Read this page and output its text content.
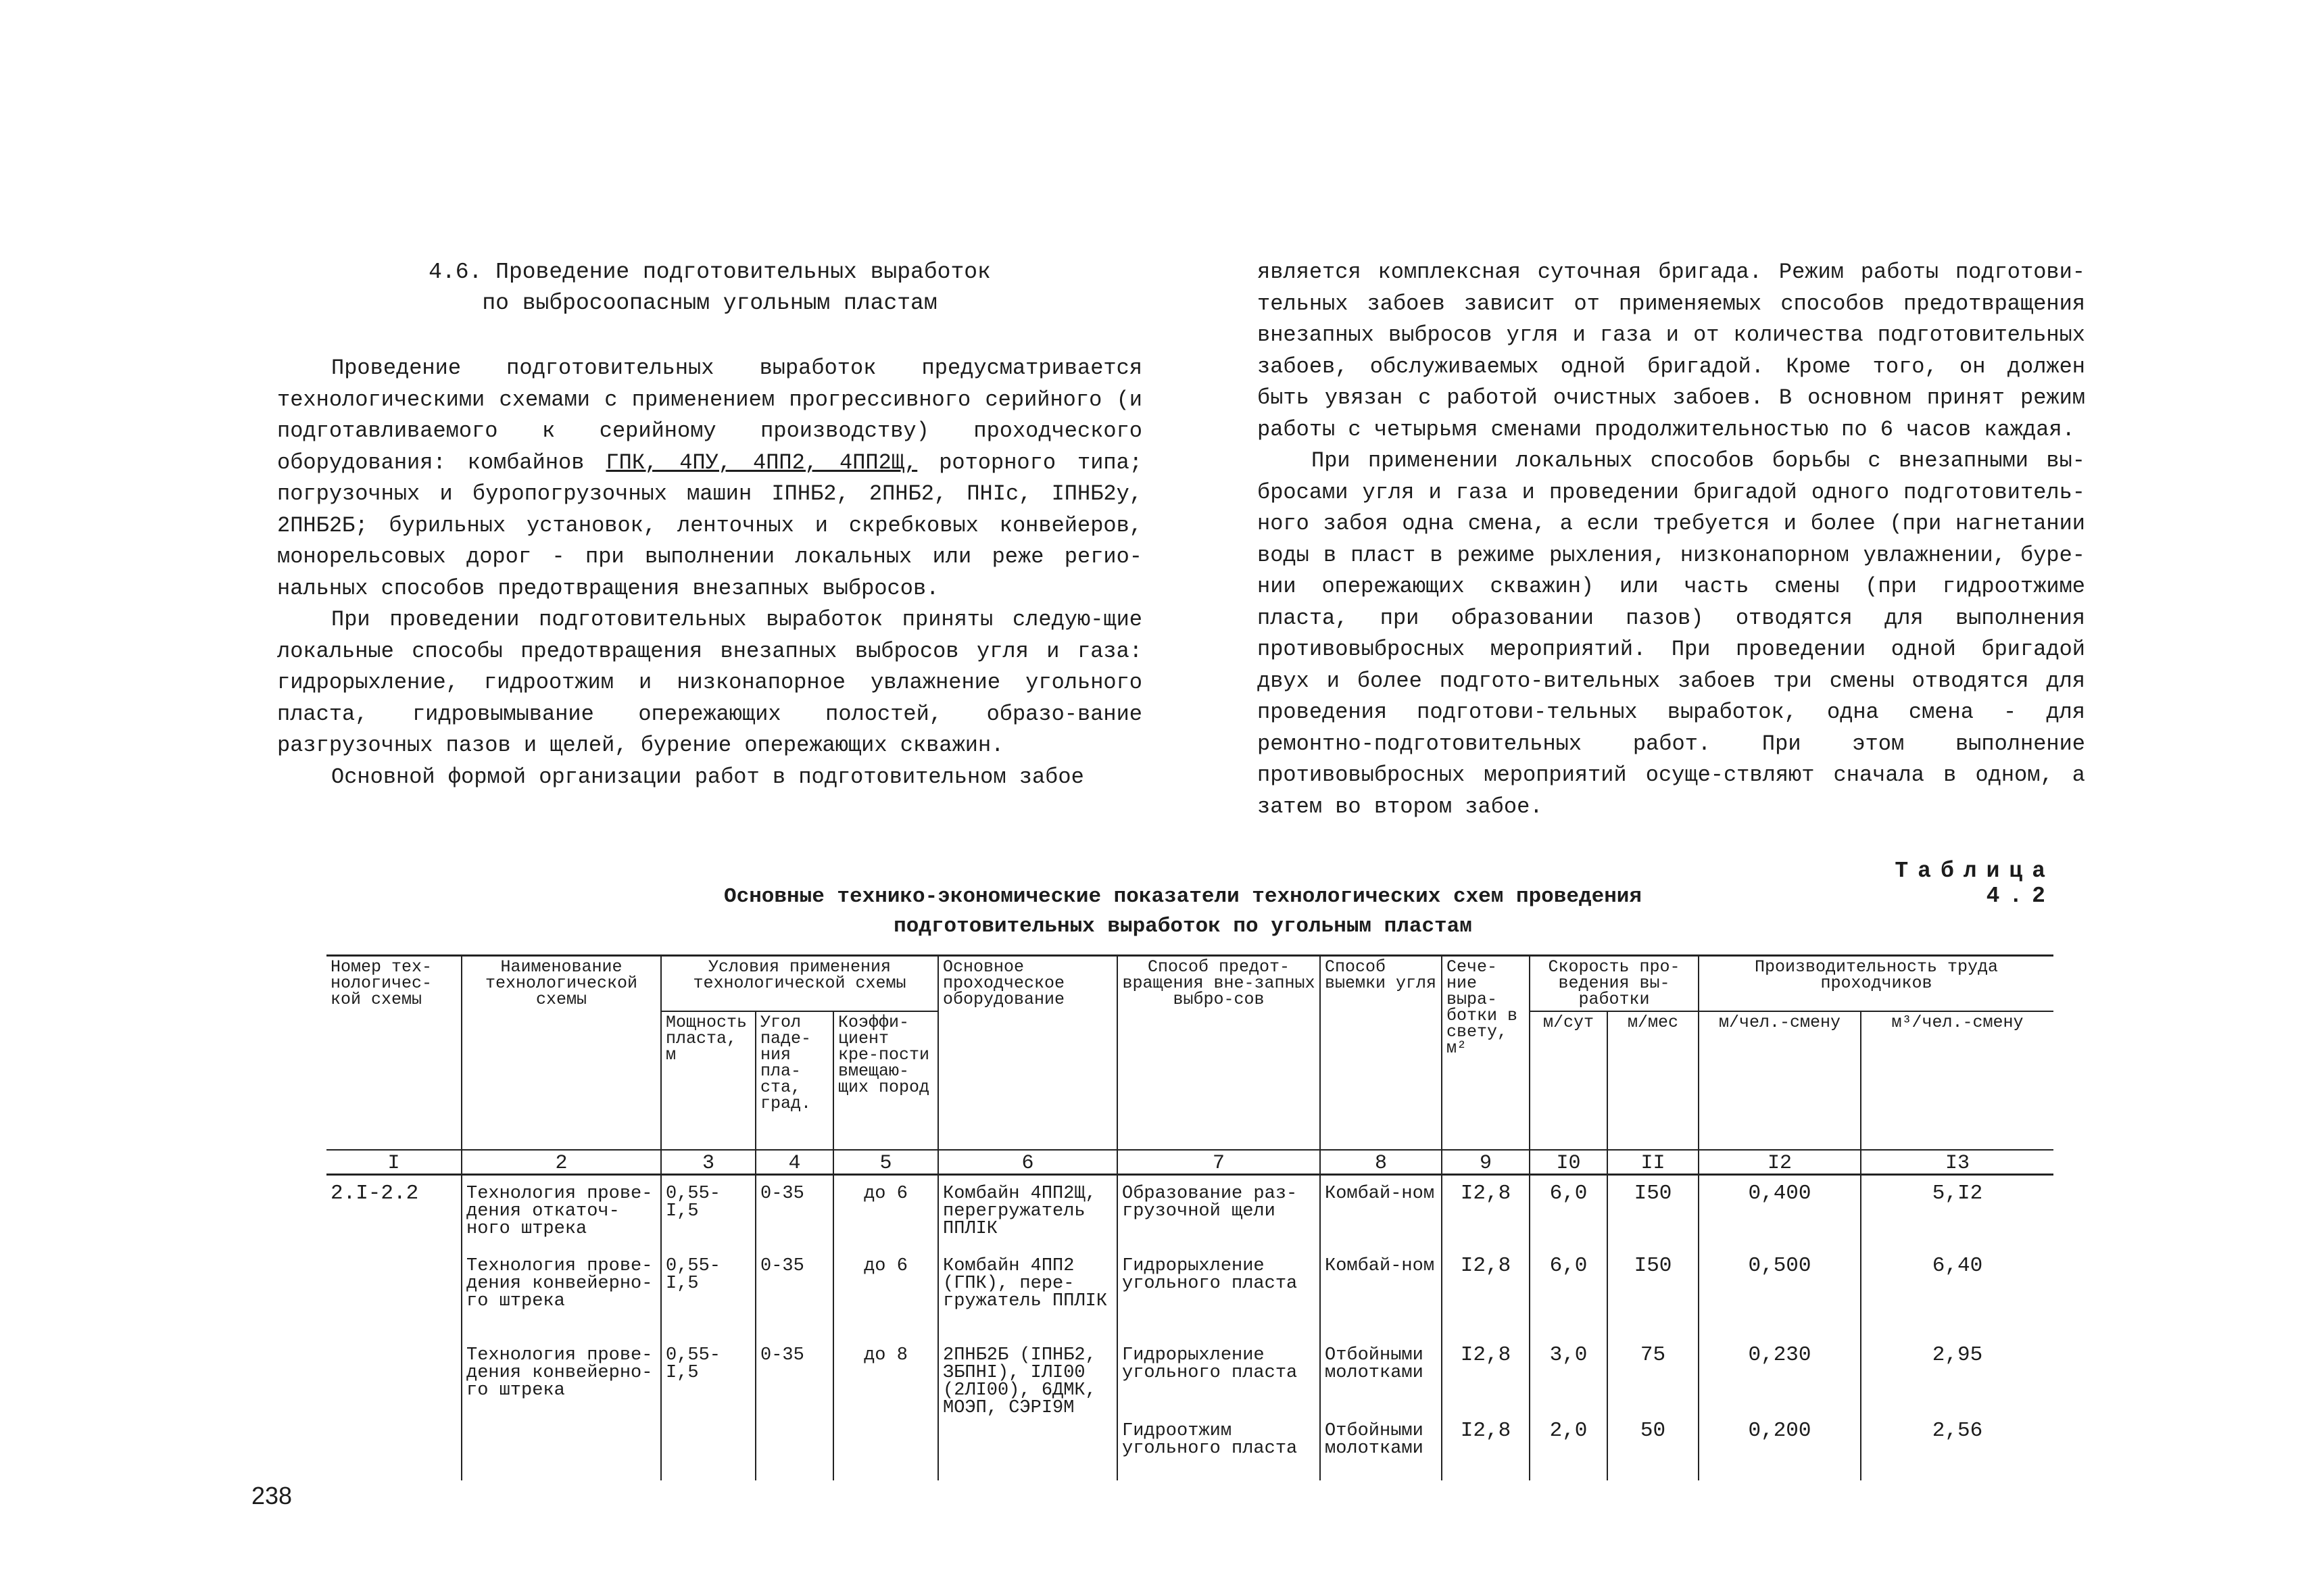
4.6. Проведение подготовительных выработок
по выбросоопасным угольным пластам

Проведение подготовительных выработок предусматривается технологическими схемами с применением прогрессивного серийного (и подготавливаемого к серийному производству) проходческого оборудования: комбайнов ГПК, 4ПУ, 4ПП2, 4ПП2Щ, роторного типа; погрузочных и буропогрузочных машин IПНБ2, 2ПНБ2, ПНIс, IПНБ2у, 2ПНБ2Б; бурильных установок, ленточных и скребковых конвейеров, монорельсовых дорог - при выполнении локальных или реже регио-нальных способов предотвращения внезапных выбросов.

При проведении подготовительных выработок приняты следую-щие локальные способы предотвращения внезапных выбросов угля и газа: гидрорыхление, гидроотжим и низконапорное увлажнение угольного пласта, гидровымывание опережающих полостей, образо-вание разгрузочных пазов и щелей, бурение опережающих скважин.

Основной формой организации работ в подготовительном забое

является комплексная суточная бригада. Режим работы подготови-тельных забоев зависит от применяемых способов предотвращения внезапных выбросов угля и газа и от количества подготовительных забоев, обслуживаемых одной бригадой. Кроме того, он должен быть увязан с работой очистных забоев. В основном принят режим работы с четырьмя сменами продолжительностью по 6 часов каждая.

При применении локальных способов борьбы с внезапными вы-бросами угля и газа и проведении бригадой одного подготовитель-ного забоя одна смена, а если требуется и более (при нагнетании воды в пласт в режиме рыхления, низконапорном увлажнении, буре-нии опережающих скважин) или часть смены (при гидроотжиме пласта, при образовании пазов) отводятся для выполнения противовыбросных мероприятий. При проведении одной бригадой двух и более подгото-вительных забоев три смены отводятся для проведения подготови-тельных выработок, одна смена - для ремонтно-подготовительных работ. При этом выполнение противовыбросных мероприятий осуще-ствляют сначала в одном, а затем во втором забое.

Таблица 4.2
Основные технико-экономические показатели технологических схем проведения
подготовительных выработок по угольным пластам
Номер тех-нологичес-кой схемы	Наименование технологической схемы	Условия применения технологической схемы			Основное проходческое оборудование	Способ предот-вращения вне-запных выбро-сов	Способ выемки угля	Сече-ние выра-ботки в свету, м²	Скорость про-ведения вы-работки		Производительность труда проходчиков	
		Мощность пласта, м	Угол паде-ния пла-ста, град.	Коэффи-циент кре-пости вмещаю-щих пород					м/сут	м/мес	м/чел.-смену	м³/чел.-смену
I	2	3	4	5	6	7	8	9	I0	II	I2	I3
2.I-2.2	Технология прове-дения откаточ-ного штрека	0,55-I,5	0-35	до 6	Комбайн 4ПП2Щ, перегружатель ППЛIК	Образование раз-грузочной щели	Комбай-ном	I2,8	6,0	I50	0,400	5,I2
	Технология прове-дения конвейерно-го штрека	0,55-I,5	0-35	до 6	Комбайн 4ПП2 (ГПК), пере-гружатель ППЛIК	Гидрорыхление угольного пласта	Комбай-ном	I2,8	6,0	I50	0,500	6,40
	Технология прове-дения конвейерно-го штрека	0,55-I,5	0-35	до 8	2ПНБ2Б (IПНБ2, ЗБПНI), IЛI00 (2ЛI00), 6ДМК, МОЭП, СЭРI9М	Гидрорыхление угольного пласта	Отбойными молотками	I2,8	3,0	75	0,230	2,95
						Гидроотжим угольного пласта	Отбойными молотками	I2,8	2,0	50	0,200	2,56
238
